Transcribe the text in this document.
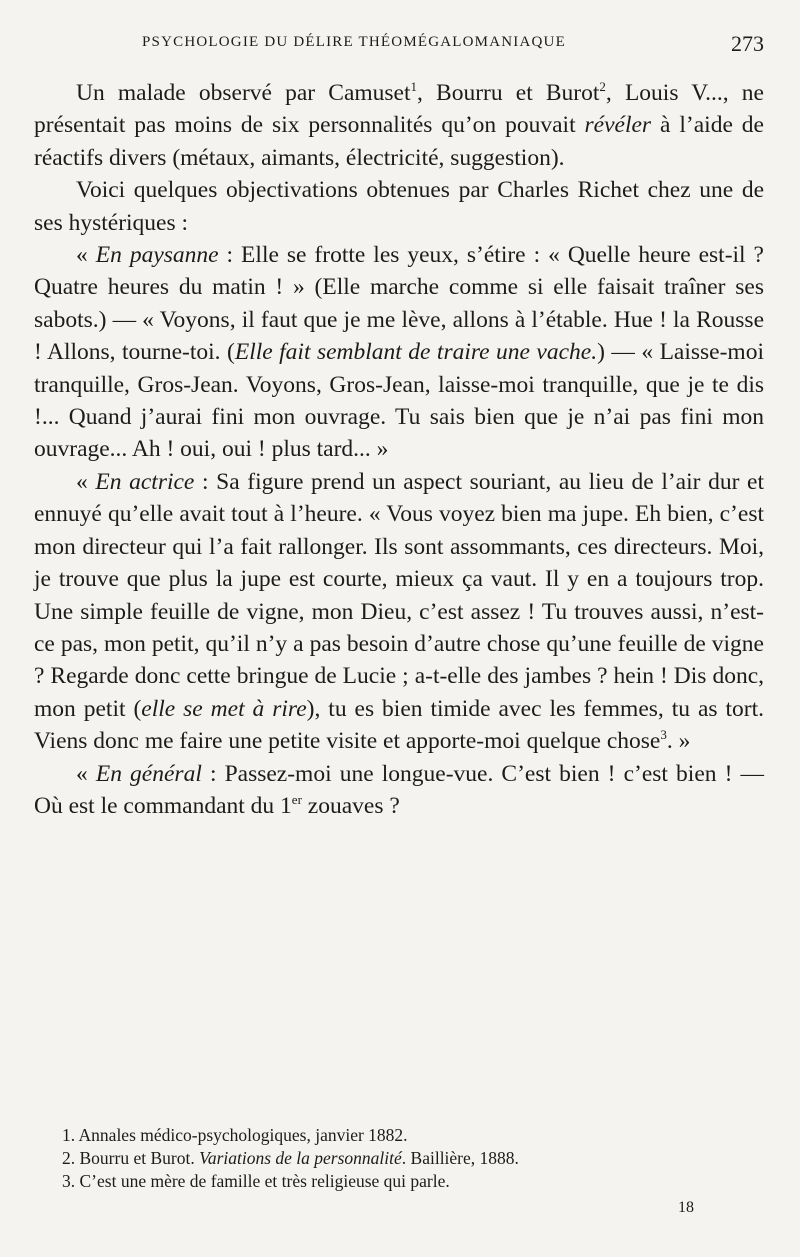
PSYCHOLOGIE DU DÉLIRE THÉOMÉGALOMANIAQUE	273

Un malade observé par Camuset$^1$, Bourru et Burot$^2$, Louis V..., ne présentait pas moins de six personnalités qu’on pouvait révéler à l’aide de réactifs divers (métaux, aimants, électricité, suggestion).

Voici quelques objectivations obtenues par Charles Richet chez une de ses hystériques :

« En paysanne : Elle se frotte les yeux, s’étire : « Quelle heure est-il ? Quatre heures du matin ! » (Elle marche comme si elle faisait traîner ses sabots.) — « Voyons, il faut que je me lève, allons à l’étable. Hue ! la Rousse ! Allons, tourne-toi. (Elle fait semblant de traire une vache.) — « Laisse-moi tranquille, Gros-Jean. Voyons, Gros-Jean, laisse-moi tranquille, que je te dis !... Quand j’aurai fini mon ouvrage. Tu sais bien que je n’ai pas fini mon ouvrage... Ah ! oui, oui ! plus tard... »

« En actrice : Sa figure prend un aspect souriant, au lieu de l’air dur et ennuyé qu’elle avait tout à l’heure. « Vous voyez bien ma jupe. Eh bien, c’est mon directeur qui l’a fait rallonger. Ils sont assommants, ces directeurs. Moi, je trouve que plus la jupe est courte, mieux ça vaut. Il y en a toujours trop. Une simple feuille de vigne, mon Dieu, c’est assez ! Tu trouves aussi, n’est-ce pas, mon petit, qu’il n’y a pas besoin d’autre chose qu’une feuille de vigne ? Regarde donc cette bringue de Lucie ; a-t-elle des jambes ? hein ! Dis donc, mon petit (elle se met à rire), tu es bien timide avec les femmes, tu as tort. Viens donc me faire une petite visite et apporte-moi quelque chose$^3$. »

« En général : Passez-moi une longue-vue. C’est bien ! c’est bien ! — Où est le commandant du 1er zouaves ?

1. Annales médico-psychologiques, janvier 1882.
2. Bourru et Burot. Variations de la personnalité. Baillière, 1888.
3. C’est une mère de famille et très religieuse qui parle.
18
